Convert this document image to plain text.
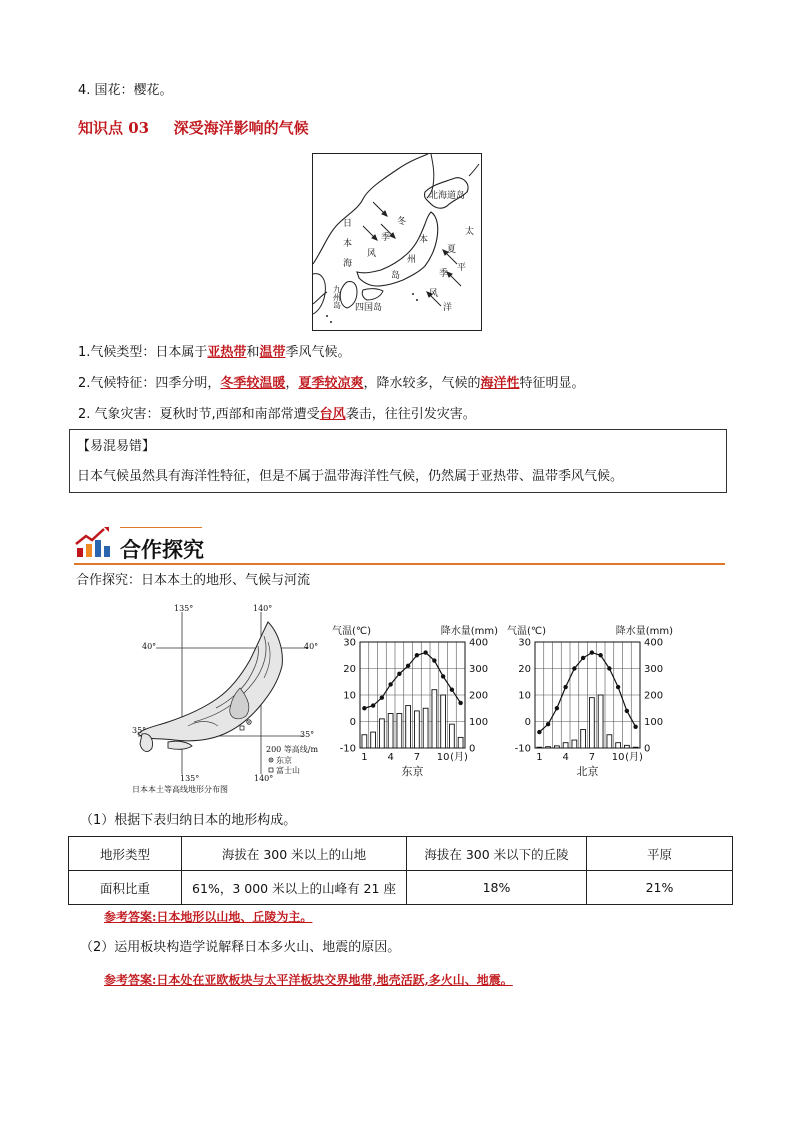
4. 国花：樱花。
知识点 03 深受海洋影响的气候
北海道岛
日
本
海
冬
季
风
本
州
岛
夏
季
风
太
平
洋
四国岛
九州岛
1.气候类型：日本属于亚热带和温带季风气候。
2.气候特征：四季分明，冬季较温暖，夏季较凉爽，降水较多，气候的海洋性特征明显。
2. 气象灾害：夏秋时节,西部和南部常遭受台风袭击，往往引发灾害。
【易混易错】
日本气候虽然具有海洋性特征，但是不属于温带海洋性气候，仍然属于亚热带、温带季风气候。
合作探究
合作探究：日本本土的地形、气候与河流
135°	140°
40°	40°
35°	35°
135°	140°
200 等高线/m
东京
富士山
日本本土等高线地形分布图
气温(℃)	降水量(mm)
30
20
10
0
-10
400
300
200
100
0
1 4 7 10 (月)
东京
气温(℃)	降水量(mm)
30
20
10
0
-10
400
300
200
100
0
1 4 7 10 (月)
北京
（1）根据下表归纳日本的地形构成。
地形类型	海拔在 300 米以上的山地	海拔在 300 米以下的丘陵	平原
面积比重	61%，3 000 米以上的山峰有 21 座	18%	21%
参考答案:日本地形以山地、丘陵为主。
（2）运用板块构造学说解释日本多火山、地震的原因。
参考答案:日本处在亚欧板块与太平洋板块交界地带,地壳活跃,多火山、地震。
